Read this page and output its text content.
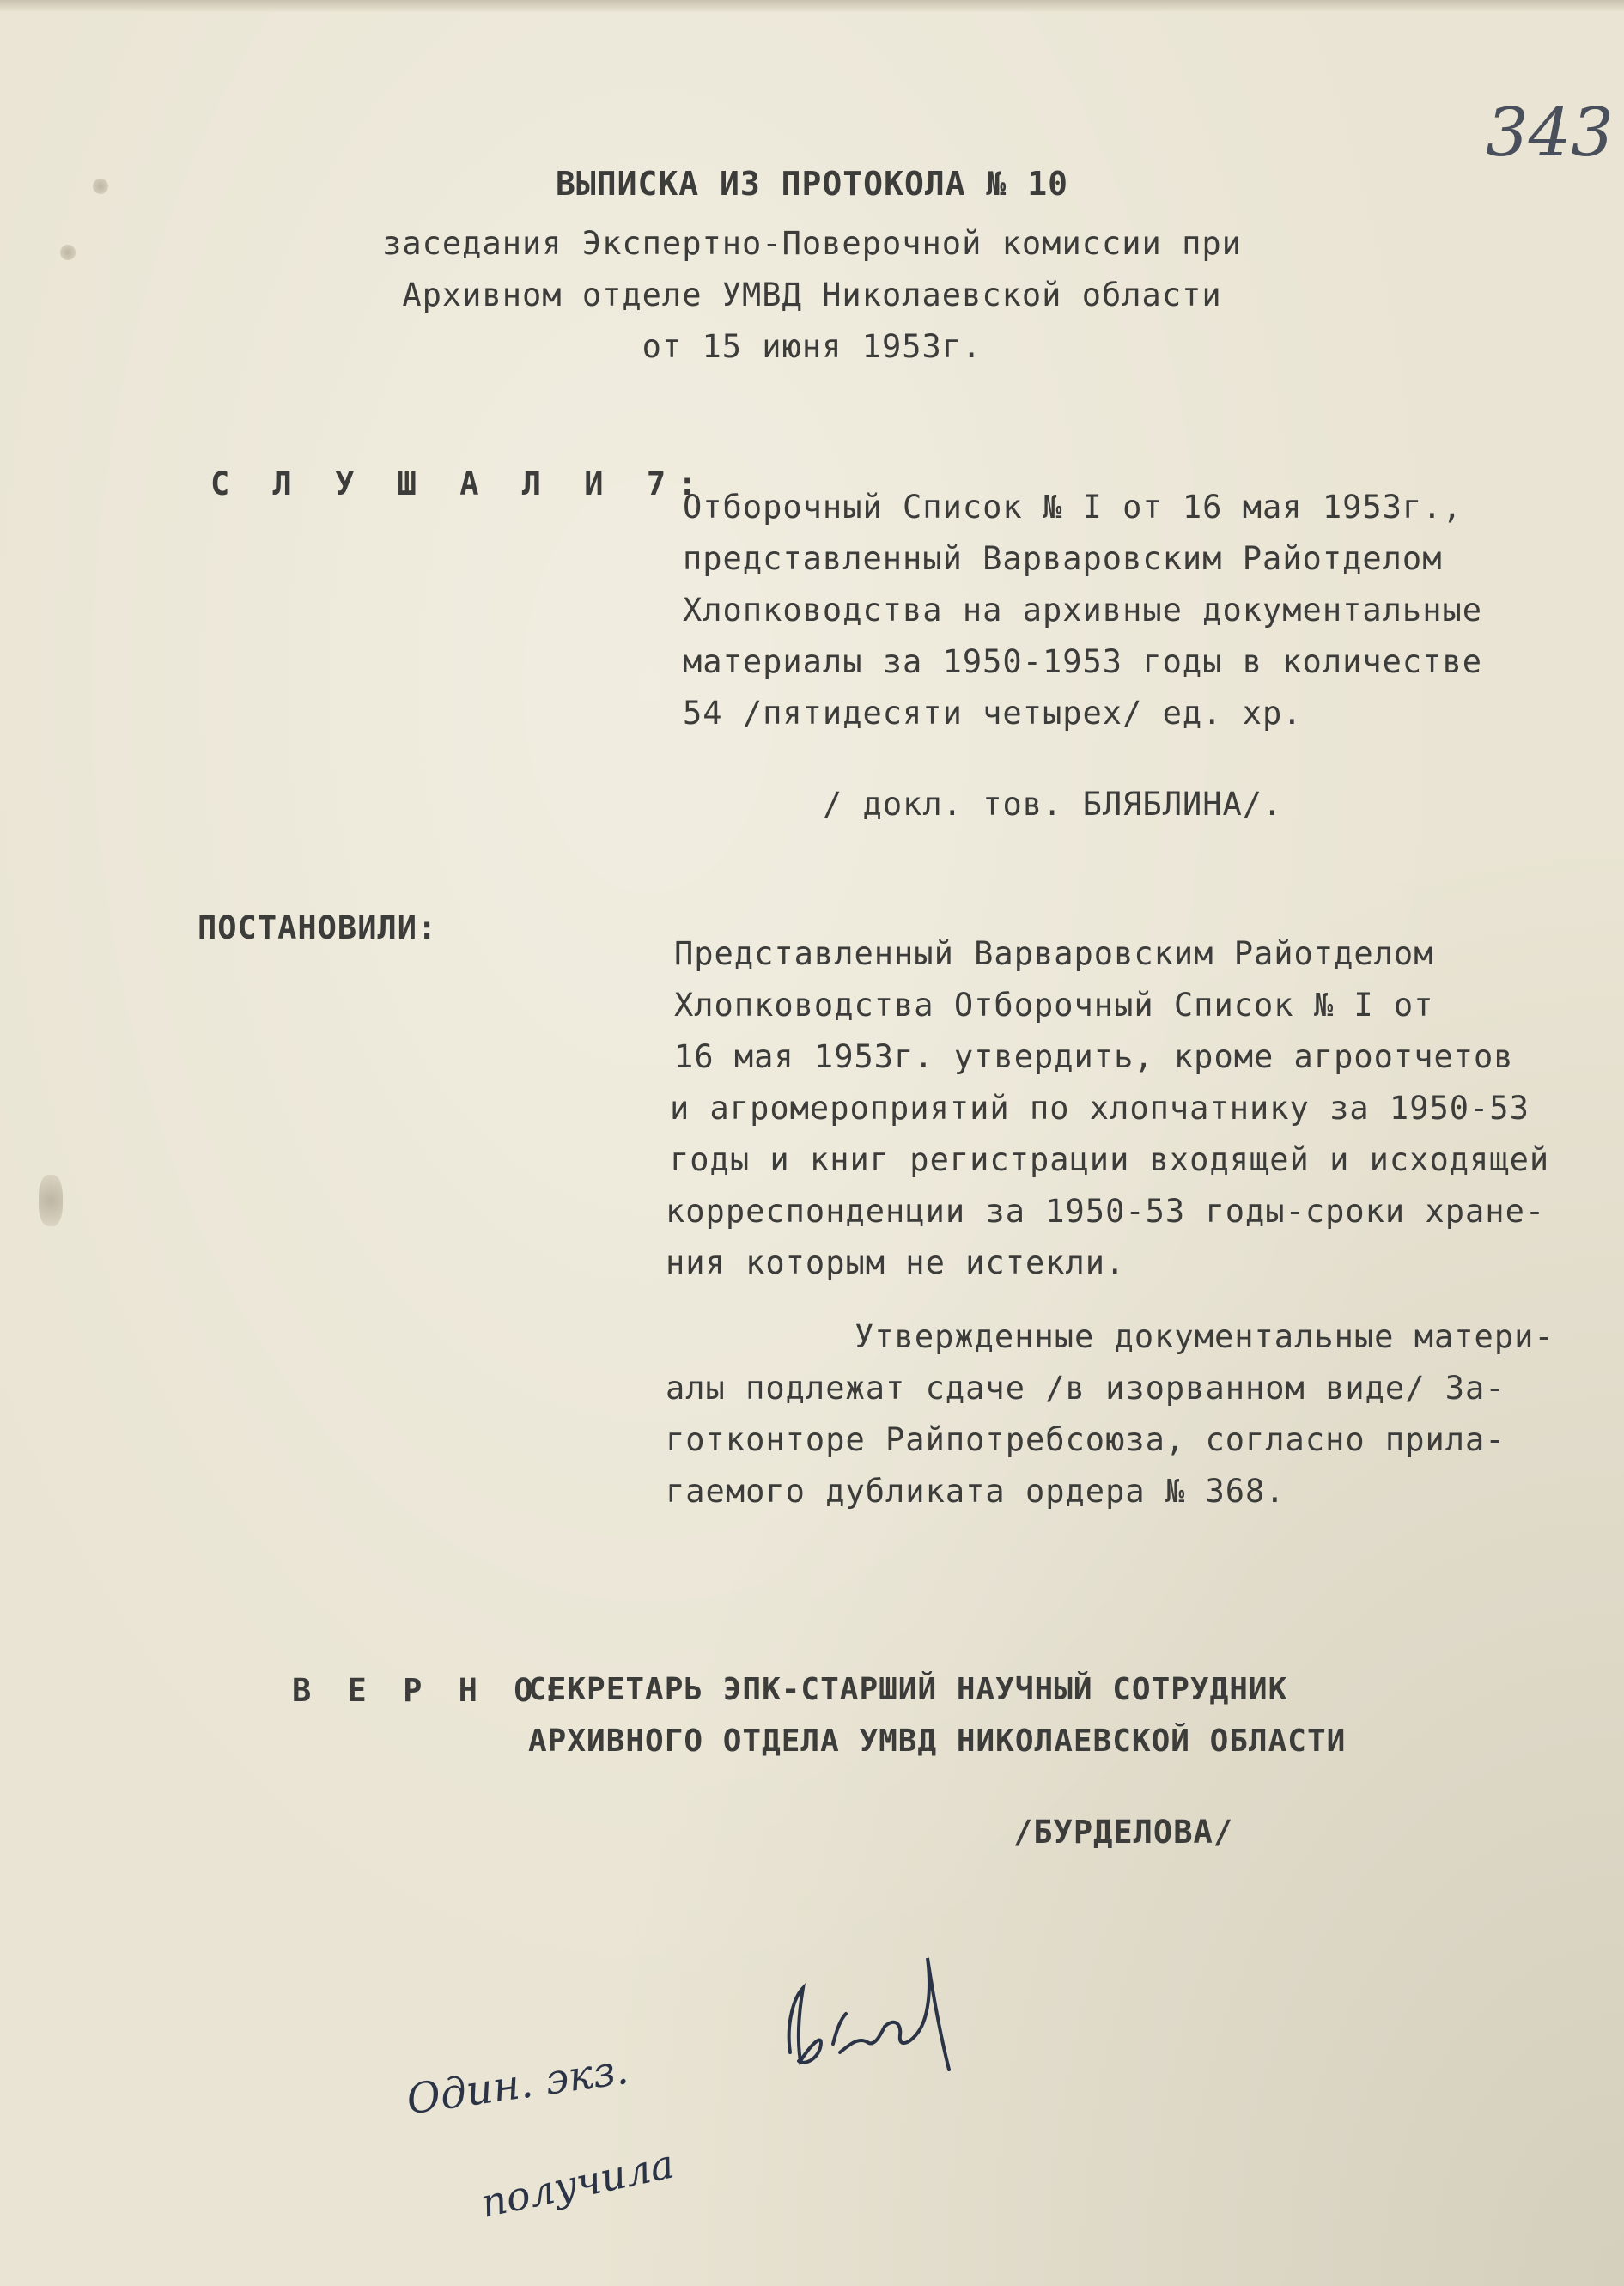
343
ВЫПИСКА ИЗ ПРОТОКОЛА № 10
заседания Экспертно-Поверочной комиссии при
Архивном отделе УМВД Николаевской области
от 15 июня 1953г.
С Л У Ш А Л И 7:
Отборочный Список № I от 16 мая 1953г.,
представленный Варваровским Райотделом
Хлопководства на архивные документальные
материалы за 1950-1953 годы в количестве
54 /пятидесяти четырех/ ед. хр.
/ докл. тов. БЛЯБЛИНА/.
ПОСТАНОВИЛИ:
Представленный Варваровским Райотделом
Хлопководства Отборочный Список № I от
16 мая 1953г. утвердить, кроме агроотчетов
и агромероприятий по хлопчатнику за 1950-53
годы и книг регистрации входящей и исходящей
корреспонденции за 1950-53 годы-сроки хране-
ния которым не истекли.
Утвержденные документальные матери-
алы подлежат сдаче /в изорванном виде/ За-
готконторе Райпотребсоюза, согласно прила-
гаемого дубликата ордера № 368.
В Е Р Н О:
СЕКРЕТАРЬ ЭПК-СТАРШИЙ НАУЧНЫЙ СОТРУДНИК
АРХИВНОГО ОТДЕЛА УМВД НИКОЛАЕВСКОЙ ОБЛАСТИ
/БУРДЕЛОВА/
Один. экз.
получила
